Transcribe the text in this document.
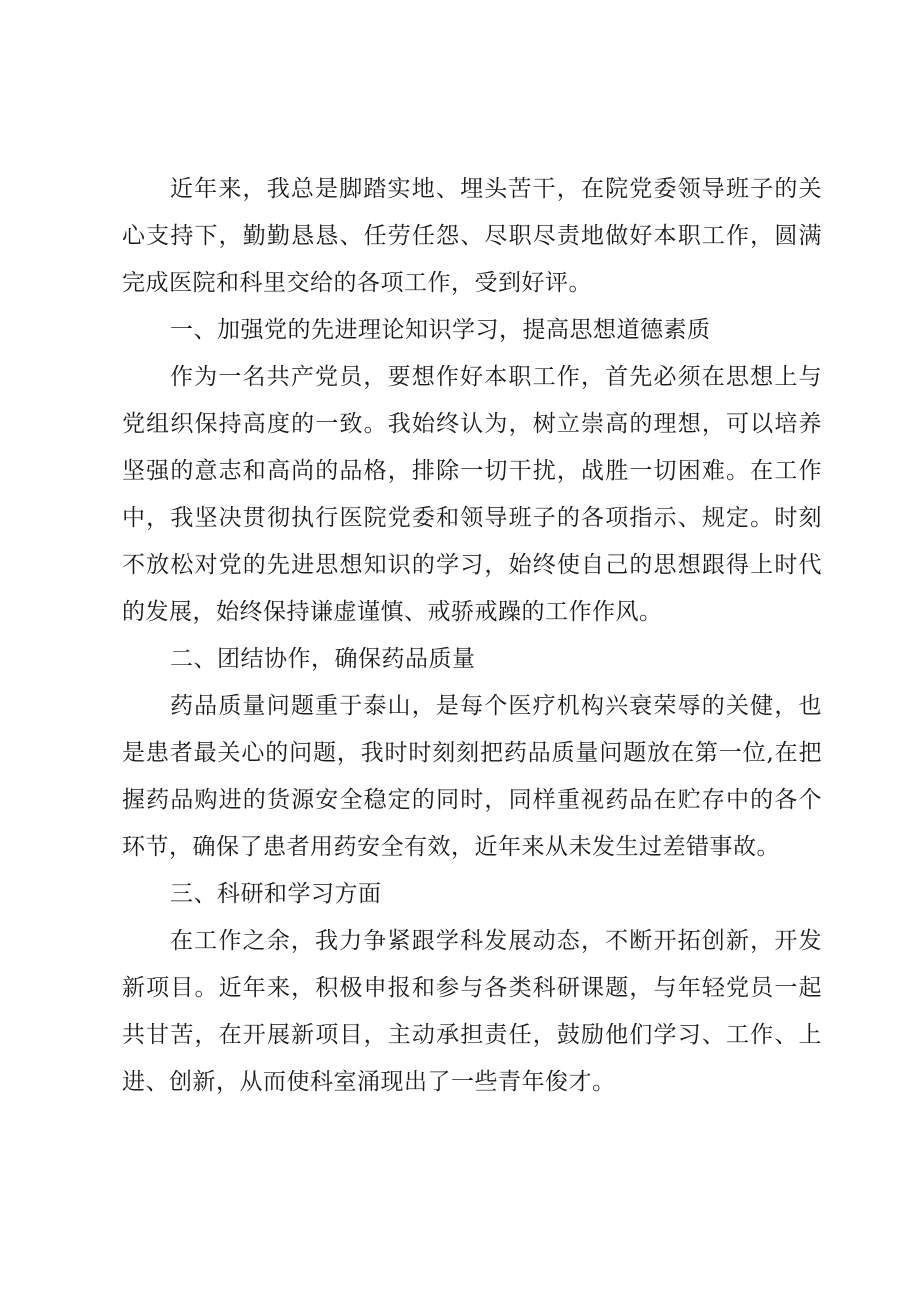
近年来，我总是脚踏实地、埋头苦干，在院党委领导班子的关心支持下，勤勤恳恳、任劳任怨、尽职尽责地做好本职工作，圆满完成医院和科里交给的各项工作，受到好评。

一、加强党的先进理论知识学习，提高思想道德素质

作为一名共产党员，要想作好本职工作，首先必须在思想上与党组织保持高度的一致。我始终认为，树立崇高的理想，可以培养坚强的意志和高尚的品格，排除一切干扰，战胜一切困难。在工作中，我坚决贯彻执行医院党委和领导班子的各项指示、规定。时刻不放松对党的先进思想知识的学习，始终使自己的思想跟得上时代的发展，始终保持谦虚谨慎、戒骄戒躁的工作作风。

二、团结协作，确保药品质量

药品质量问题重于泰山，是每个医疗机构兴衰荣辱的关健，也是患者最关心的问题，我时时刻刻把药品质量问题放在第一位,在把握药品购进的货源安全稳定的同时，同样重视药品在贮存中的各个环节，确保了患者用药安全有效，近年来从未发生过差错事故。

三、科研和学习方面

在工作之余，我力争紧跟学科发展动态，不断开拓创新，开发新项目。近年来，积极申报和参与各类科研课题，与年轻党员一起共甘苦，在开展新项目，主动承担责任，鼓励他们学习、工作、上进、创新，从而使科室涌现出了一些青年俊才。
